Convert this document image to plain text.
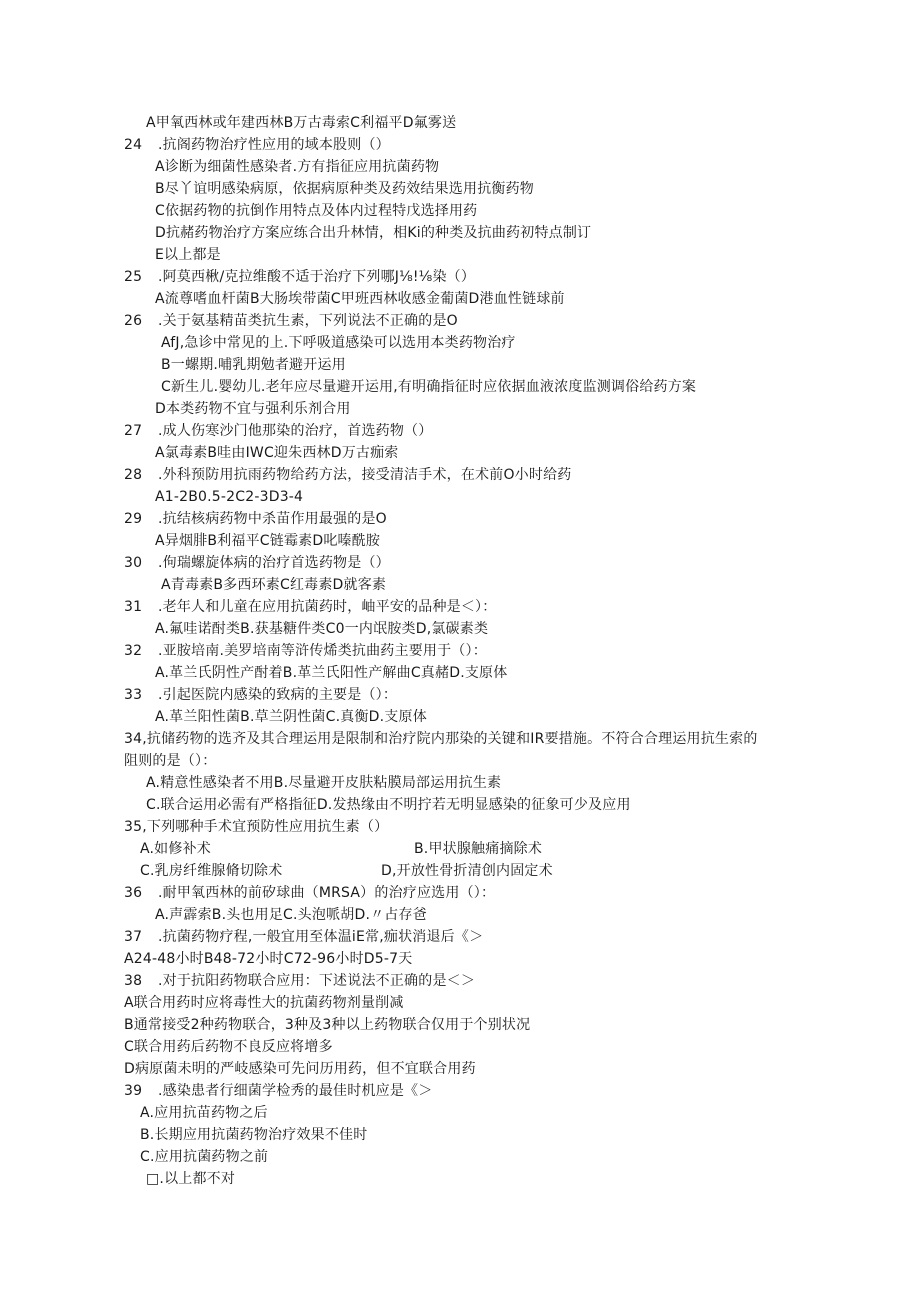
A甲氧西林或年建西林B万古毒索C利福平D氟雾送
24 .抗阁药物治疗性应用的域本股则（）
A诊断为细菌性感染者.方有指征应用抗菌药物
B尽丫谊明感染病原，依据病原种类及药效结果选用抗衡药物
C依据药物的抗倒作用特点及体内过程特戊选择用药
D抗赭药物治疗方案应练合出升林情，相Ki的种类及抗曲药初特点制订
E以上都是
25 .阿莫西楸/克拉维酸不适于治疗下列哪J⅛!⅛染（）
A流尊嗜血杆菌B大肠埃带菌C甲班西林收感金葡菌D港血性链球前
26 .关于氨基精苗类抗生素，下列说法不正确的是O
AfJ,急诊中常见的上.下呼吸道感染可以选用本类药物治疗
B一螺期.哺乳期勉者避开运用
C新生儿.婴幼儿.老年应尽量避开运用,有明确指征时应依据血液浓度监测调俗给药方案
D本类药物不宜与强利乐剂合用
27 .成人伤寒沙门他那染的治疗，首选药物（）
A氯毒素B哇由IWC迎朱西林D万古痂索
28 .外科预防用抗雨药物给药方法，接受清洁手术，在术前O小时给药
A1-2B0.5-2C2-3D3-4
29 .抗结核病药物中杀苗作用最强的是O
A异烟腓B利福平C链霉素D叱嗪酰胺
30 .佝瑞螺旋体病的治疗首选药物是（）
A青毒素B多西环素C红毒素D就客素
31 .老年人和儿童在应用抗菌药时，岫平安的品种是＜）：
A.氟哇诺酎类B.获基糖件类C0一内氓胺类D,氯碳素类
32 .亚胺培南.美罗培南等浒传烯类抗曲药主要用于（）：
A.革兰氏阴性产酎着B.革兰氏阳性产解曲C真赭D.支原体
33 .引起医院内感染的致病的主要是（）：
A.革兰阳性菌B.草兰阴性菌C.真衡D.支原体
34,抗储药物的选齐及其合理运用是限制和治疗院内那染的关键和IR要措施。不符合合理运用抗生索的
阻则的是（）：
A.精意性感染者不用B.尽量避开皮肤粘膜局部运用抗生素
C.联合运用必需有严格指征D.发热缘由不明拧若无明显感染的征象可少及应用
35,下列哪种手术宜预防性应用抗生素（）
A.如修补术	B.甲状腺触痛摘除术
C.乳房纤维腺脩切除术	D,开放性骨折清创内固定术
36 .耐甲氧西林的前矽球曲（MRSA）的治疗应选用（）：
A.声霹索B.头也用足C.头泡哌胡D.〃占存爸
37 .抗菌药物疗程,一般宜用至体温iE常,痂状消退后《＞
A24-48小时B48-72小时C72-96小时D5-7天
38 .对于抗阳药物联合应用：下述说法不正确的是＜＞
A联合用药时应将毒性大的抗菌药物剂量削减
B通常接受2种药物联合，3种及3种以上药物联合仅用于个别状况
C联合用药后药物不良反应将增多
D病原菌未明的严岐感染可先问历用药，但不宜联合用药
39 .感染患者行细菌学检秀的最佳时机应是《＞
A.应用抗苗药物之后
B.长期应用抗菌药物治疗效果不佳时
C.应用抗菌药物之前
□.以上都不对
